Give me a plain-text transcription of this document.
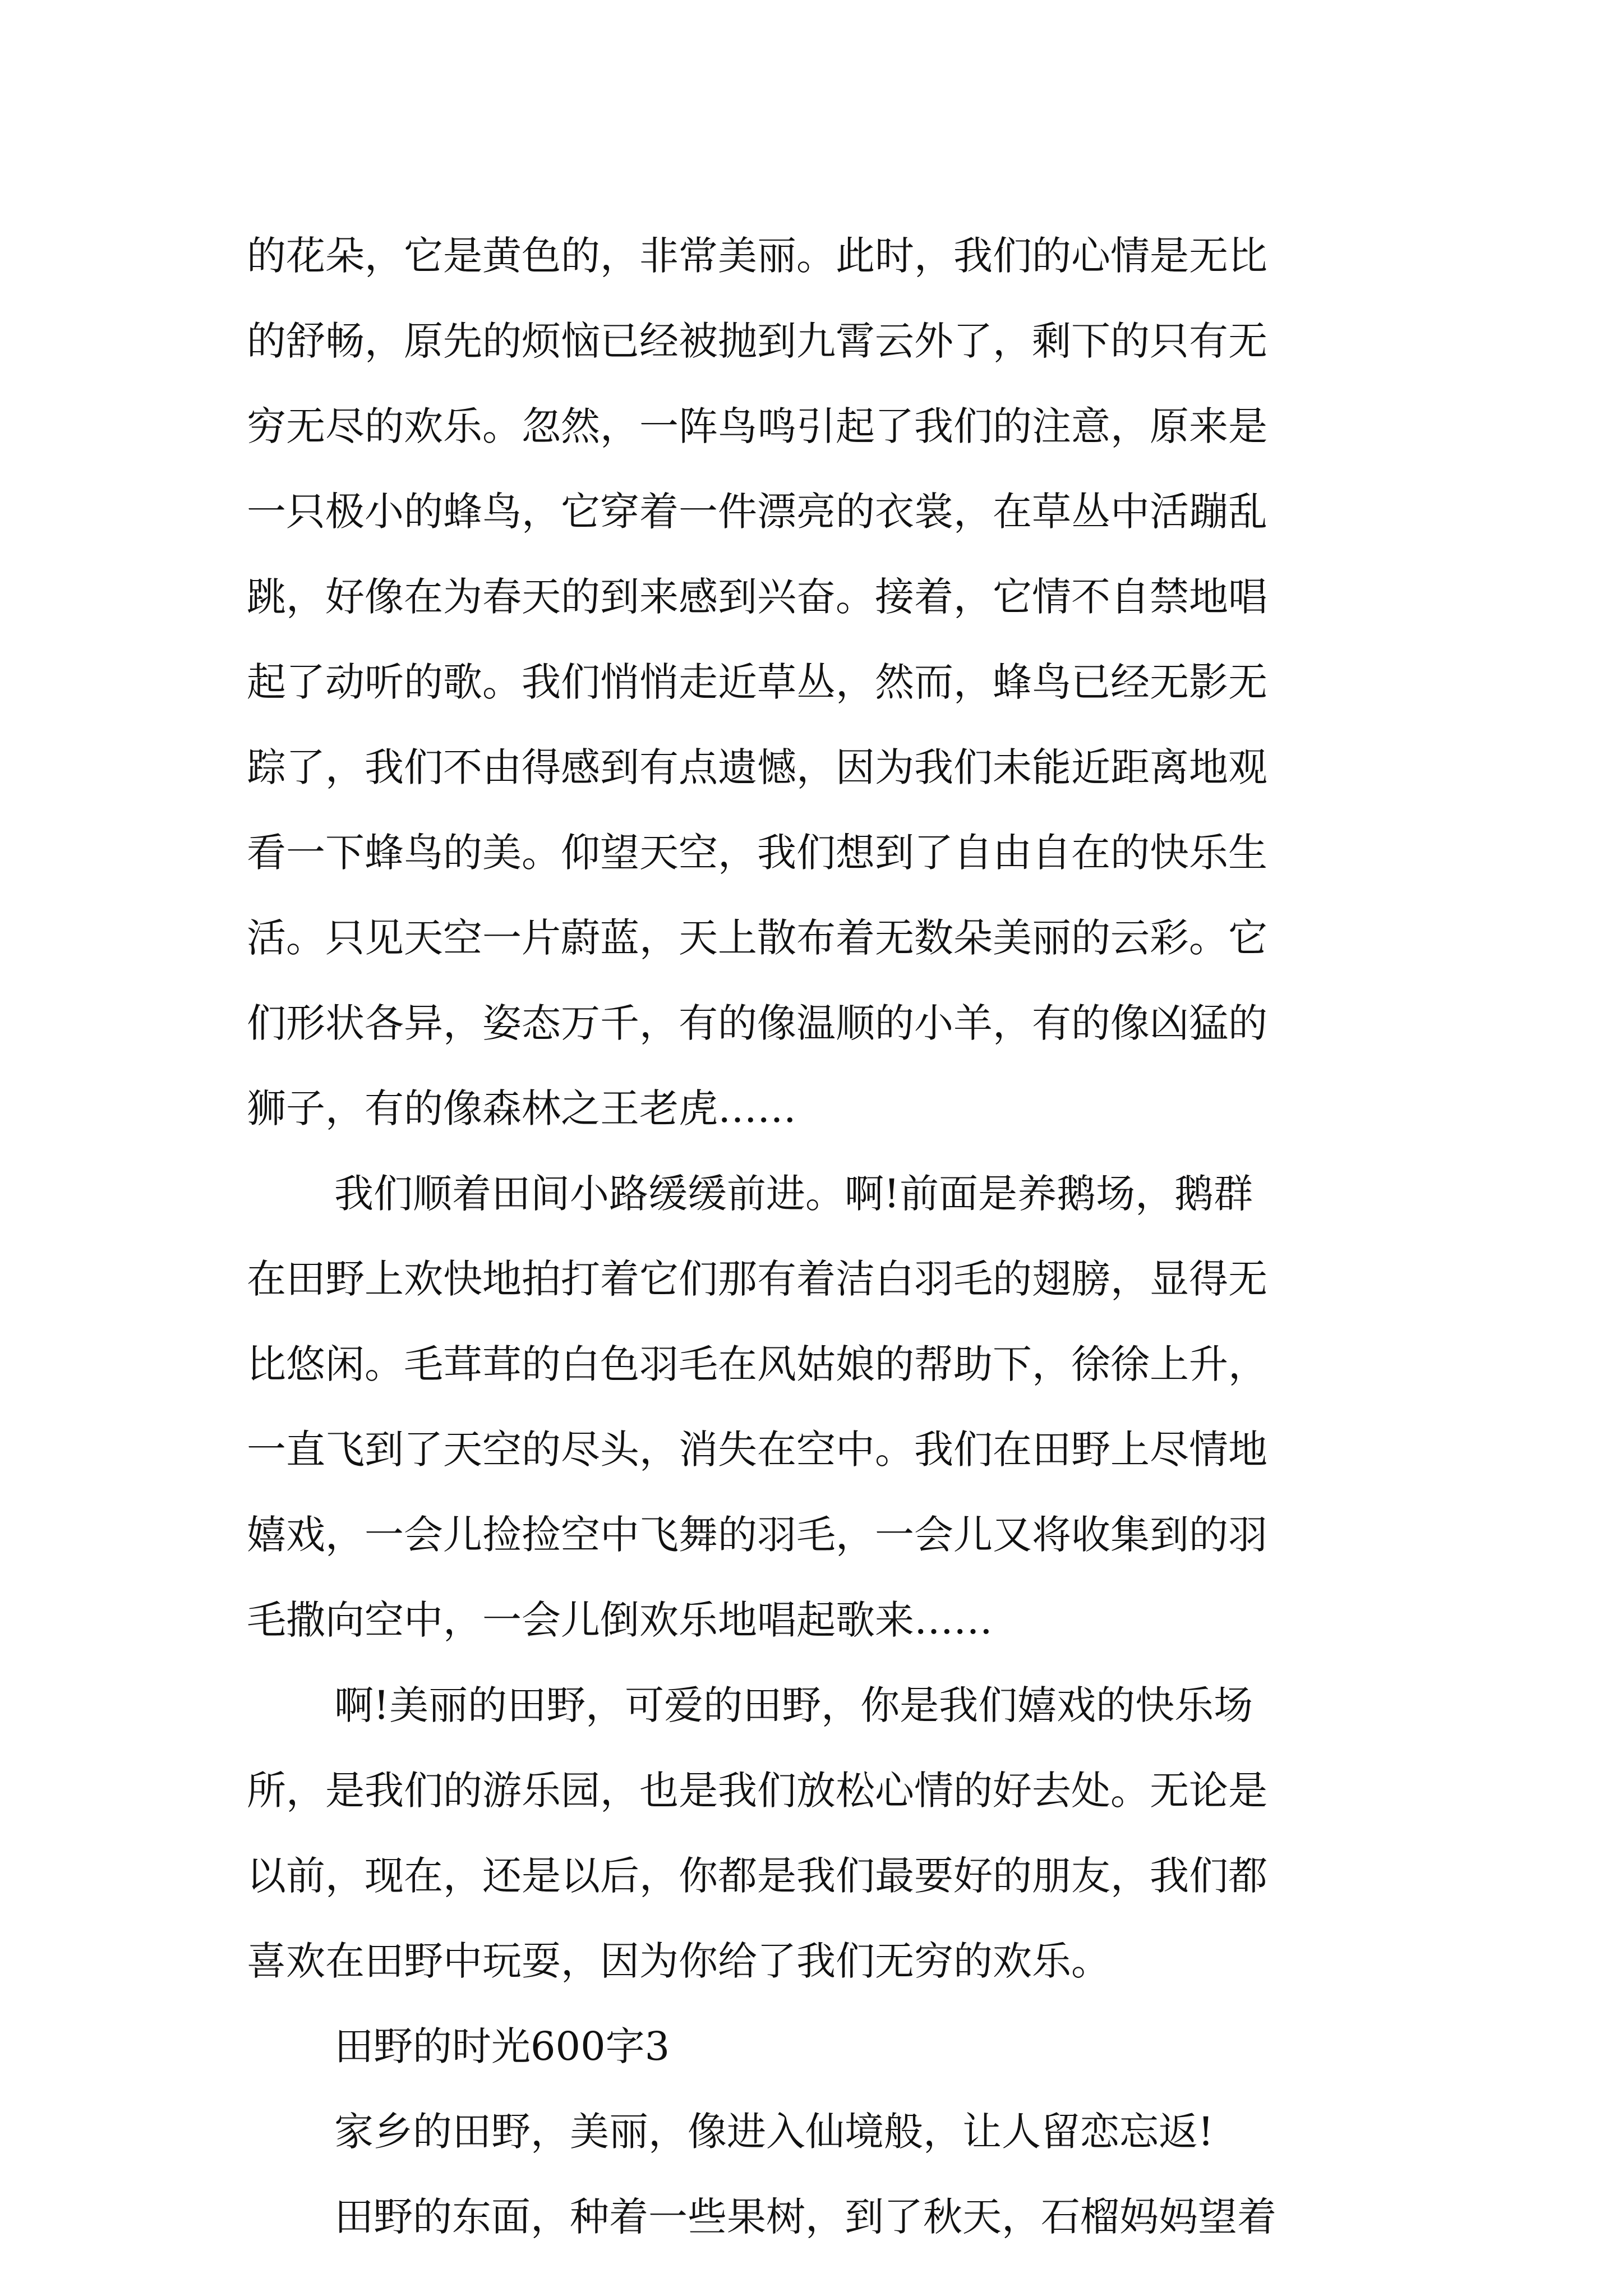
的花朵，它是黄色的，非常美丽。此时，我们的心情是无比
的舒畅，原先的烦恼已经被抛到九霄云外了，剩下的只有无
穷无尽的欢乐。忽然，一阵鸟鸣引起了我们的注意，原来是
一只极小的蜂鸟，它穿着一件漂亮的衣裳，在草丛中活蹦乱
跳，好像在为春天的到来感到兴奋。接着，它情不自禁地唱
起了动听的歌。我们悄悄走近草丛，然而，蜂鸟已经无影无
踪了，我们不由得感到有点遗憾，因为我们未能近距离地观
看一下蜂鸟的美。仰望天空，我们想到了自由自在的快乐生
活。只见天空一片蔚蓝，天上散布着无数朵美丽的云彩。它
们形状各异，姿态万千，有的像温顺的小羊，有的像凶猛的
狮子，有的像森林之王老虎……
我们顺着田间小路缓缓前进。啊!前面是养鹅场，鹅群
在田野上欢快地拍打着它们那有着洁白羽毛的翅膀，显得无
比悠闲。毛茸茸的白色羽毛在风姑娘的帮助下，徐徐上升，
一直飞到了天空的尽头，消失在空中。我们在田野上尽情地
嬉戏，一会儿捡捡空中飞舞的羽毛，一会儿又将收集到的羽
毛撒向空中，一会儿倒欢乐地唱起歌来……
啊!美丽的田野，可爱的田野，你是我们嬉戏的快乐场
所，是我们的游乐园，也是我们放松心情的好去处。无论是
以前，现在，还是以后，你都是我们最要好的朋友，我们都
喜欢在田野中玩耍，因为你给了我们无穷的欢乐。
田野的时光600字3
家乡的田野，美丽，像进入仙境般，让人留恋忘返!
田野的东面，种着一些果树，到了秋天，石榴妈妈望着
